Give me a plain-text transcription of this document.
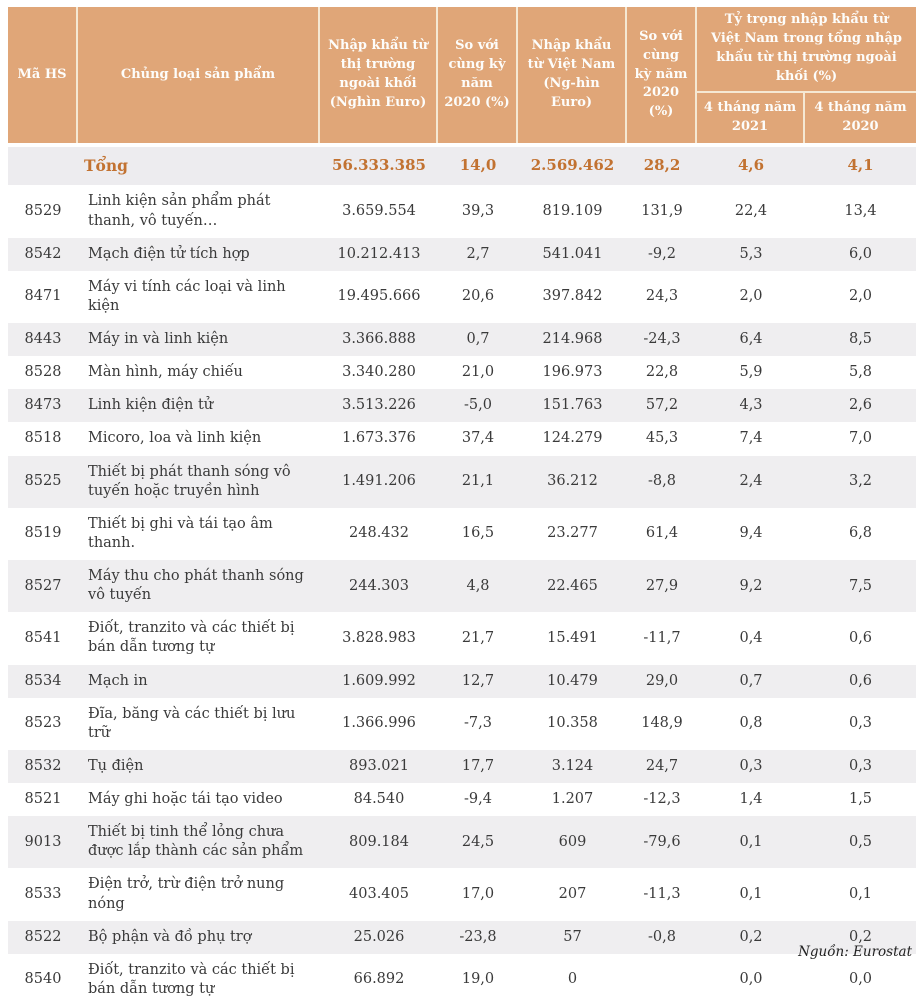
Mã HS	Chủng loại sản phẩm	Nhập khẩu từ thị trường ngoài khối (Nghìn Euro)	So với cùng kỳ năm 2020 (%)	Nhập khẩu từ Việt Nam (Ng-hìn Euro)	So với cùng kỳ năm 2020 (%)	Tỷ trọng nhập khẩu từ Việt Nam trong tổng nhập khẩu từ thị trường ngoài khối (%)	
						4 tháng năm 2021	4 tháng năm 2020
	Tổng	56.333.385	14,0	2.569.462	28,2	4,6	4,1
8529	Linh kiện sản phẩm phát thanh, vô tuyến…	3.659.554	39,3	819.109	131,9	22,4	13,4
8542	Mạch điện tử tích hợp	10.212.413	2,7	541.041	-9,2	5,3	6,0
8471	Máy vi tính các loại và linh kiện	19.495.666	20,6	397.842	24,3	2,0	2,0
8443	Máy in và linh kiện	3.366.888	0,7	214.968	-24,3	6,4	8,5
8528	Màn hình, máy chiếu	3.340.280	21,0	196.973	22,8	5,9	5,8
8473	Linh kiện điện tử	3.513.226	-5,0	151.763	57,2	4,3	2,6
8518	Micoro, loa và linh kiện	1.673.376	37,4	124.279	45,3	7,4	7,0
8525	Thiết bị phát thanh sóng vô tuyến hoặc truyền hình	1.491.206	21,1	36.212	-8,8	2,4	3,2
8519	Thiết bị ghi và tái tạo âm thanh.	248.432	16,5	23.277	61,4	9,4	6,8
8527	Máy thu cho phát thanh sóng vô tuyến	244.303	4,8	22.465	27,9	9,2	7,5
8541	Điốt, tranzito và các thiết bị bán dẫn tương tự	3.828.983	21,7	15.491	-11,7	0,4	0,6
8534	Mạch in	1.609.992	12,7	10.479	29,0	0,7	0,6
8523	Đĩa, băng và các thiết bị lưu trữ	1.366.996	-7,3	10.358	148,9	0,8	0,3
8532	Tụ điện	893.021	17,7	3.124	24,7	0,3	0,3
8521	Máy ghi hoặc tái tạo video	84.540	-9,4	1.207	-12,3	1,4	1,5
9013	Thiết bị tinh thể lỏng chưa được lắp thành các sản phẩm	809.184	24,5	609	-79,6	0,1	0,5
8533	Điện trở, trừ điện trở nung nóng	403.405	17,0	207	-11,3	0,1	0,1
8522	Bộ phận và đồ phụ trợ	25.026	-23,8	57	-0,8	0,2	0,2
8540	Điốt, tranzito và các thiết bị bán dẫn tương tự	66.892	19,0	0		0,0	0,0
Nguồn: Eurostat
